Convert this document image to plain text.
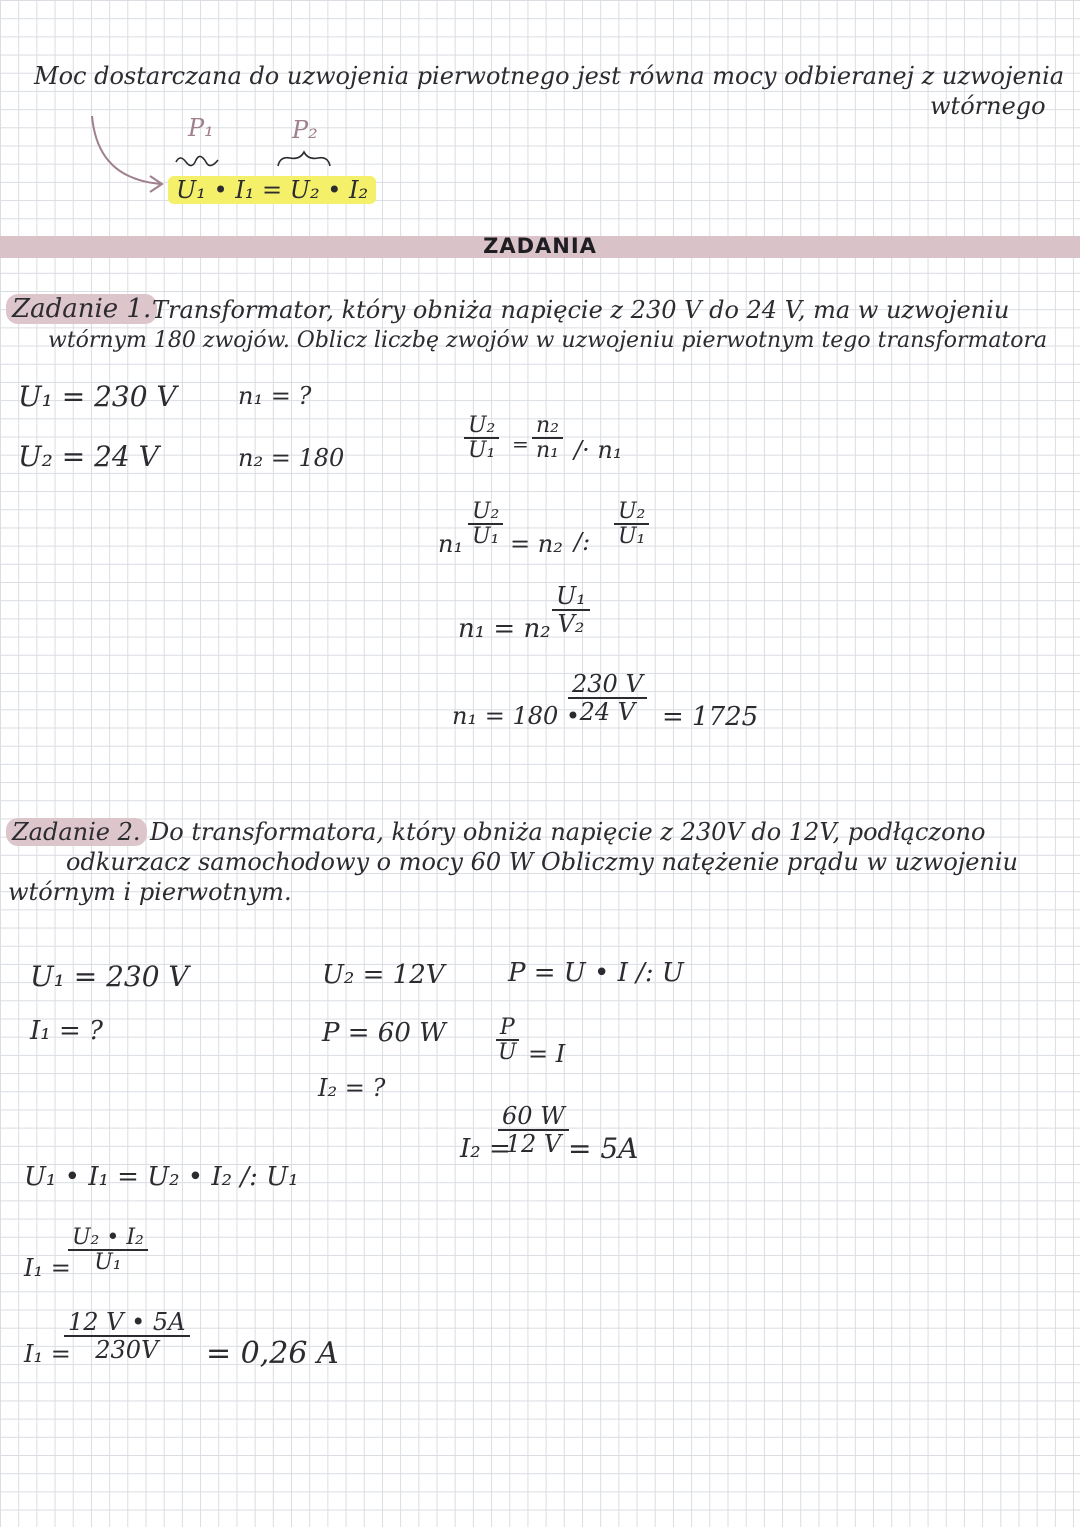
Moc dostarczana do uzwojenia pierwotnego jest równa mocy odbieranej z uzwojenia
wtórnego
P₁	P₂
U₁ • I₁ = U₂ • I₂
ZADANIA
Zadanie 1. Transformator, który obniża napięcie z 230 V do 24 V, ma w uzwojeniu
wtórnym 180 zwojów. Oblicz liczbę zwojów w uzwojeniu pierwotnym tego transformatora
U₁ = 230 V
U₂ = 24 V
n₁ = ?
n₂ = 180	$\frac{\text{U₂}}{\text{U₁}} = \frac{\text{n₂}}{\text{n₁}} /\cdot n_1$
$n_1 \frac{\text{U₂}}{\text{U₁}} = n_2$ /: $\frac{\text{U₂}}{\text{U₁}}$
$n_1 = n_2 \frac{\text{U₁}}{\text{V₂}}$
n₁ = 180 •
$\frac{230 V}{24 V} = 1725$
Zadanie 2. Do transformatora, który obniża napięcie z 230V do 12V, podłączono
odkurzacz samochodowy o mocy 60 W Obliczmy natężenie prądu w uzwojeniu
wtórnym i pierwotnym.
U₁ = 230 V
I₁ = ?
U₂ = 12V
P = 60 W
I₂ = ?
P = U • I /: U
$\frac{P}{U} = I$
I₂ =
$\frac{60 W}{12 V} = 5A$
U₁ • I₁ = U₂ • I₂ /: U₁
I₁ =
$\frac{\text{U₂ • I₂}}{\text{U₁}}$
I₁ =
$\frac{12 V • 5A}{230V} = 0,26$ A
